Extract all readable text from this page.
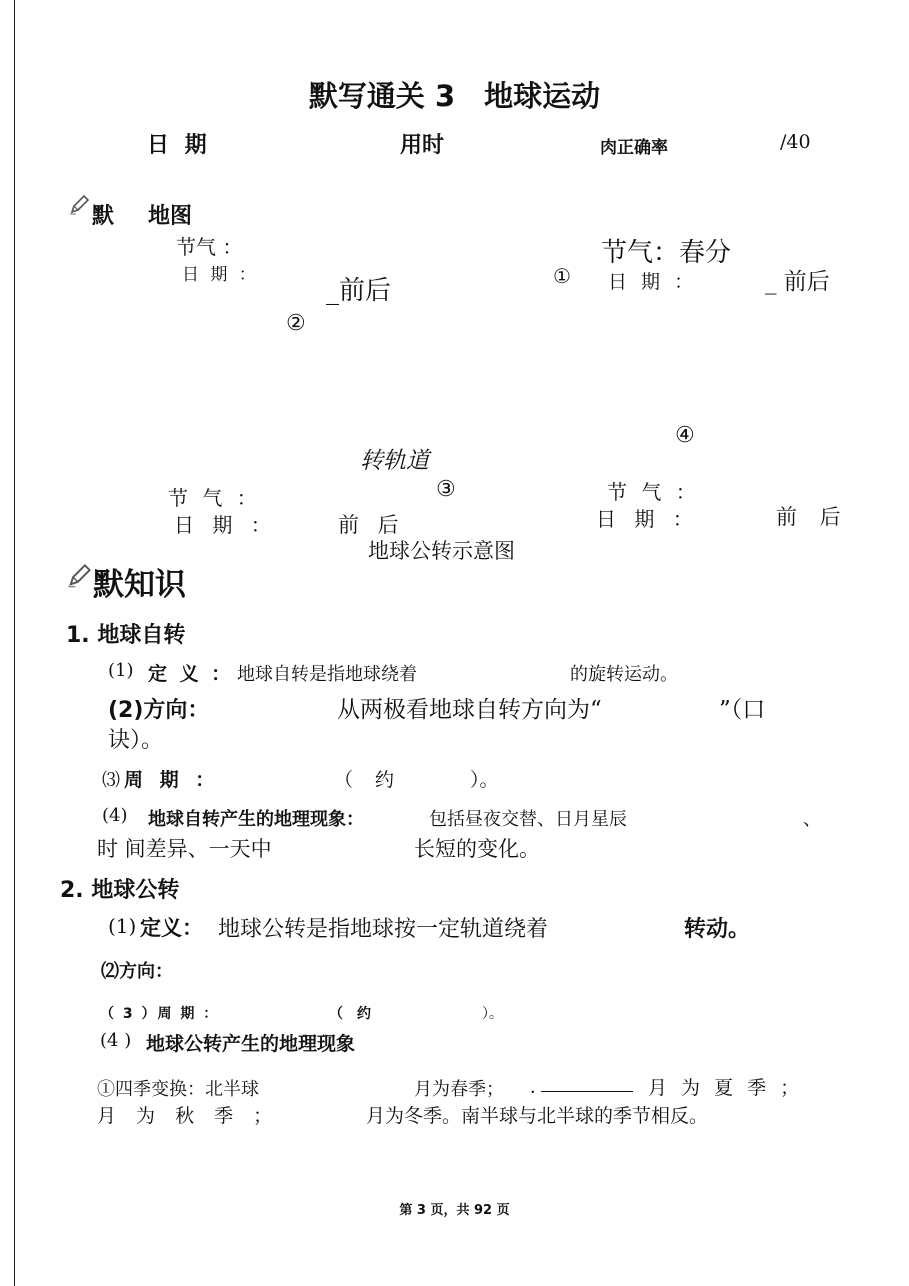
默写通关 3　地球运动
日 期	用时	肉正确率	/40
默 地图
节气 ：
日 期 ：
_前后
②
节气：春分
① 日 期 ：	_ 前后
④
转轨道
③
节 气 ：
日 期 ：	前 后
节 气 ：
日 期 ：	前 后
地球公转示意图
默知识
1. 地球自转
(1) 定 义 ： 地球自转是指地球绕着	的旋转运动。
(2)方向：	从两极看地球自转方向为“	”（口
诀）。
⑶ 周 期 ：	（ 约	）。
(4) 地球自转产生的地理现象：	包括昼夜交替、日月星辰	、
时 间差异、一天中	长短的变化。
2. 地球公转
(1) 定义： 地球公转是指地球按一定轨道绕着	转动。
⑵方向：
（ 3 ）周 期 ：	（　约	）。
(4 ) 地球公转产生的地理现象
①四季变换：北半球	月为春季； ．	月 为 夏 季 ；
月 为 秋 季 ；	月为冬季。南半球与北半球的季节相反。
第 3 页，共 92 页
